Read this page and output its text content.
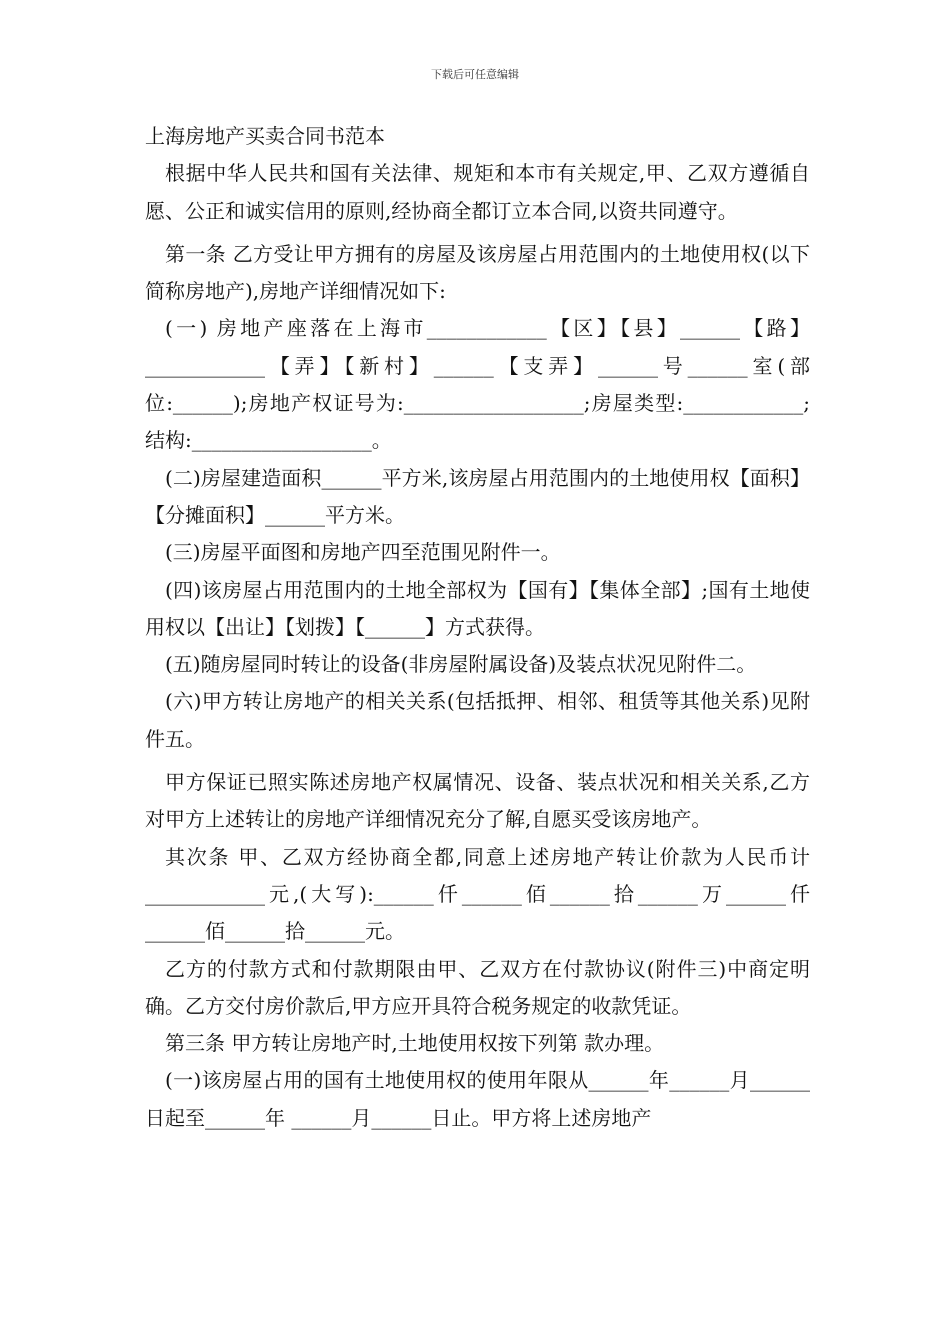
下载后可任意编辑

上海房地产买卖合同书范本

根据中华人民共和国有关法律、规矩和本市有关规定,甲、乙双方遵循自愿、公正和诚实信用的原则,经协商全都订立本合同,以资共同遵守。

第一条 乙方受让甲方拥有的房屋及该房屋占用范围内的土地使用权(以下简称房地产),房地产详细情况如下:

(一) 房地产座落在上海市____________【区】【县】______【路】____________【弄】【新村】______【支弄】______号______室(部位:______);房地产权证号为:__________________;房屋类型:____________;结构:__________________。

(二)房屋建造面积______平方米,该房屋占用范围内的土地使用权【面积】【分摊面积】______平方米。

(三)房屋平面图和房地产四至范围见附件一。

(四)该房屋占用范围内的土地全部权为【国有】【集体全部】;国有土地使用权以【出让】【划拨】【______】方式获得。

(五)随房屋同时转让的设备(非房屋附属设备)及装点状况见附件二。

(六)甲方转让房地产的相关关系(包括抵押、相邻、租赁等其他关系)见附件五。

甲方保证已照实陈述房地产权属情况、设备、装点状况和相关关系,乙方对甲方上述转让的房地产详细情况充分了解,自愿买受该房地产。

其次条 甲、乙双方经协商全都,同意上述房地产转让价款为人民币计____________元,(大写):______仟______佰______拾______万______仟______佰______拾______元。

乙方的付款方式和付款期限由甲、乙双方在付款协议(附件三)中商定明确。乙方交付房价款后,甲方应开具符合税务规定的收款凭证。

第三条 甲方转让房地产时,土地使用权按下列第 款办理。

(一)该房屋占用的国有土地使用权的使用年限从______年______月______日起至______年 ______月______日止。甲方将上述房地产
